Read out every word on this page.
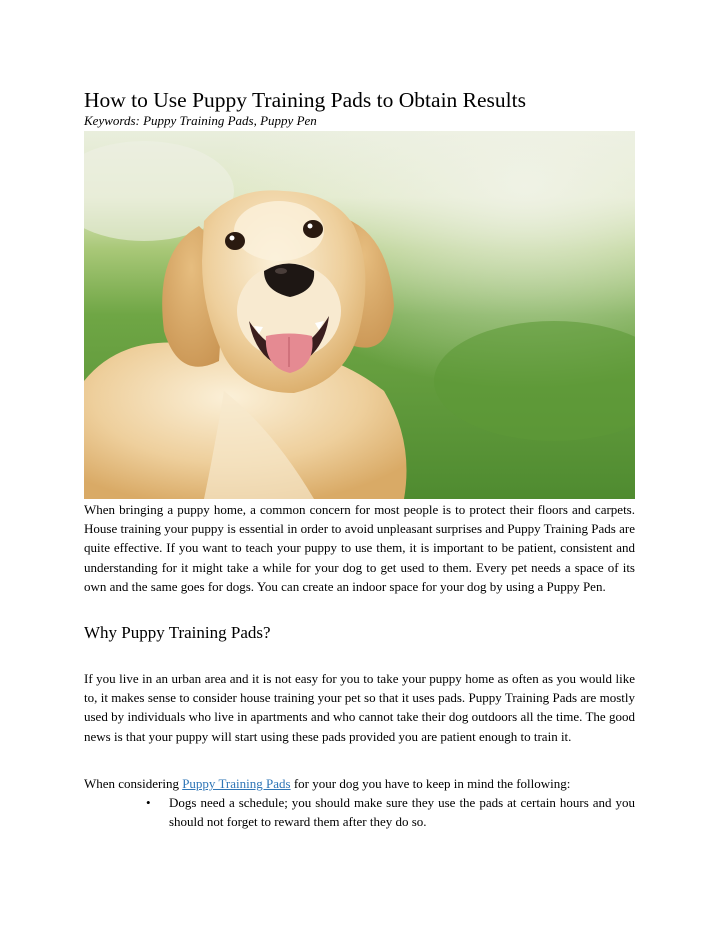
How to Use Puppy Training Pads to Obtain Results
Keywords: Puppy Training Pads, Puppy Pen

When bringing a puppy home, a common concern for most people is to protect their floors and carpets. House training your puppy is essential in order to avoid unpleasant surprises and Puppy Training Pads are quite effective. If you want to teach your puppy to use them, it is important to be patient, consistent and understanding for it might take a while for your dog to get used to them. Every pet needs a space of its own and the same goes for dogs. You can create an indoor space for your dog by using a Puppy Pen.

Why Puppy Training Pads?

If you live in an urban area and it is not easy for you to take your puppy home as often as you would like to, it makes sense to consider house training your pet so that it uses pads. Puppy Training Pads are mostly used by individuals who live in apartments and who cannot take their dog outdoors all the time. The good news is that your puppy will start using these pads provided you are patient enough to train it.

When considering Puppy Training Pads for your dog you have to keep in mind the following:

• Dogs need a schedule; you should make sure they use the pads at certain hours and you should not forget to reward them after they do so.
